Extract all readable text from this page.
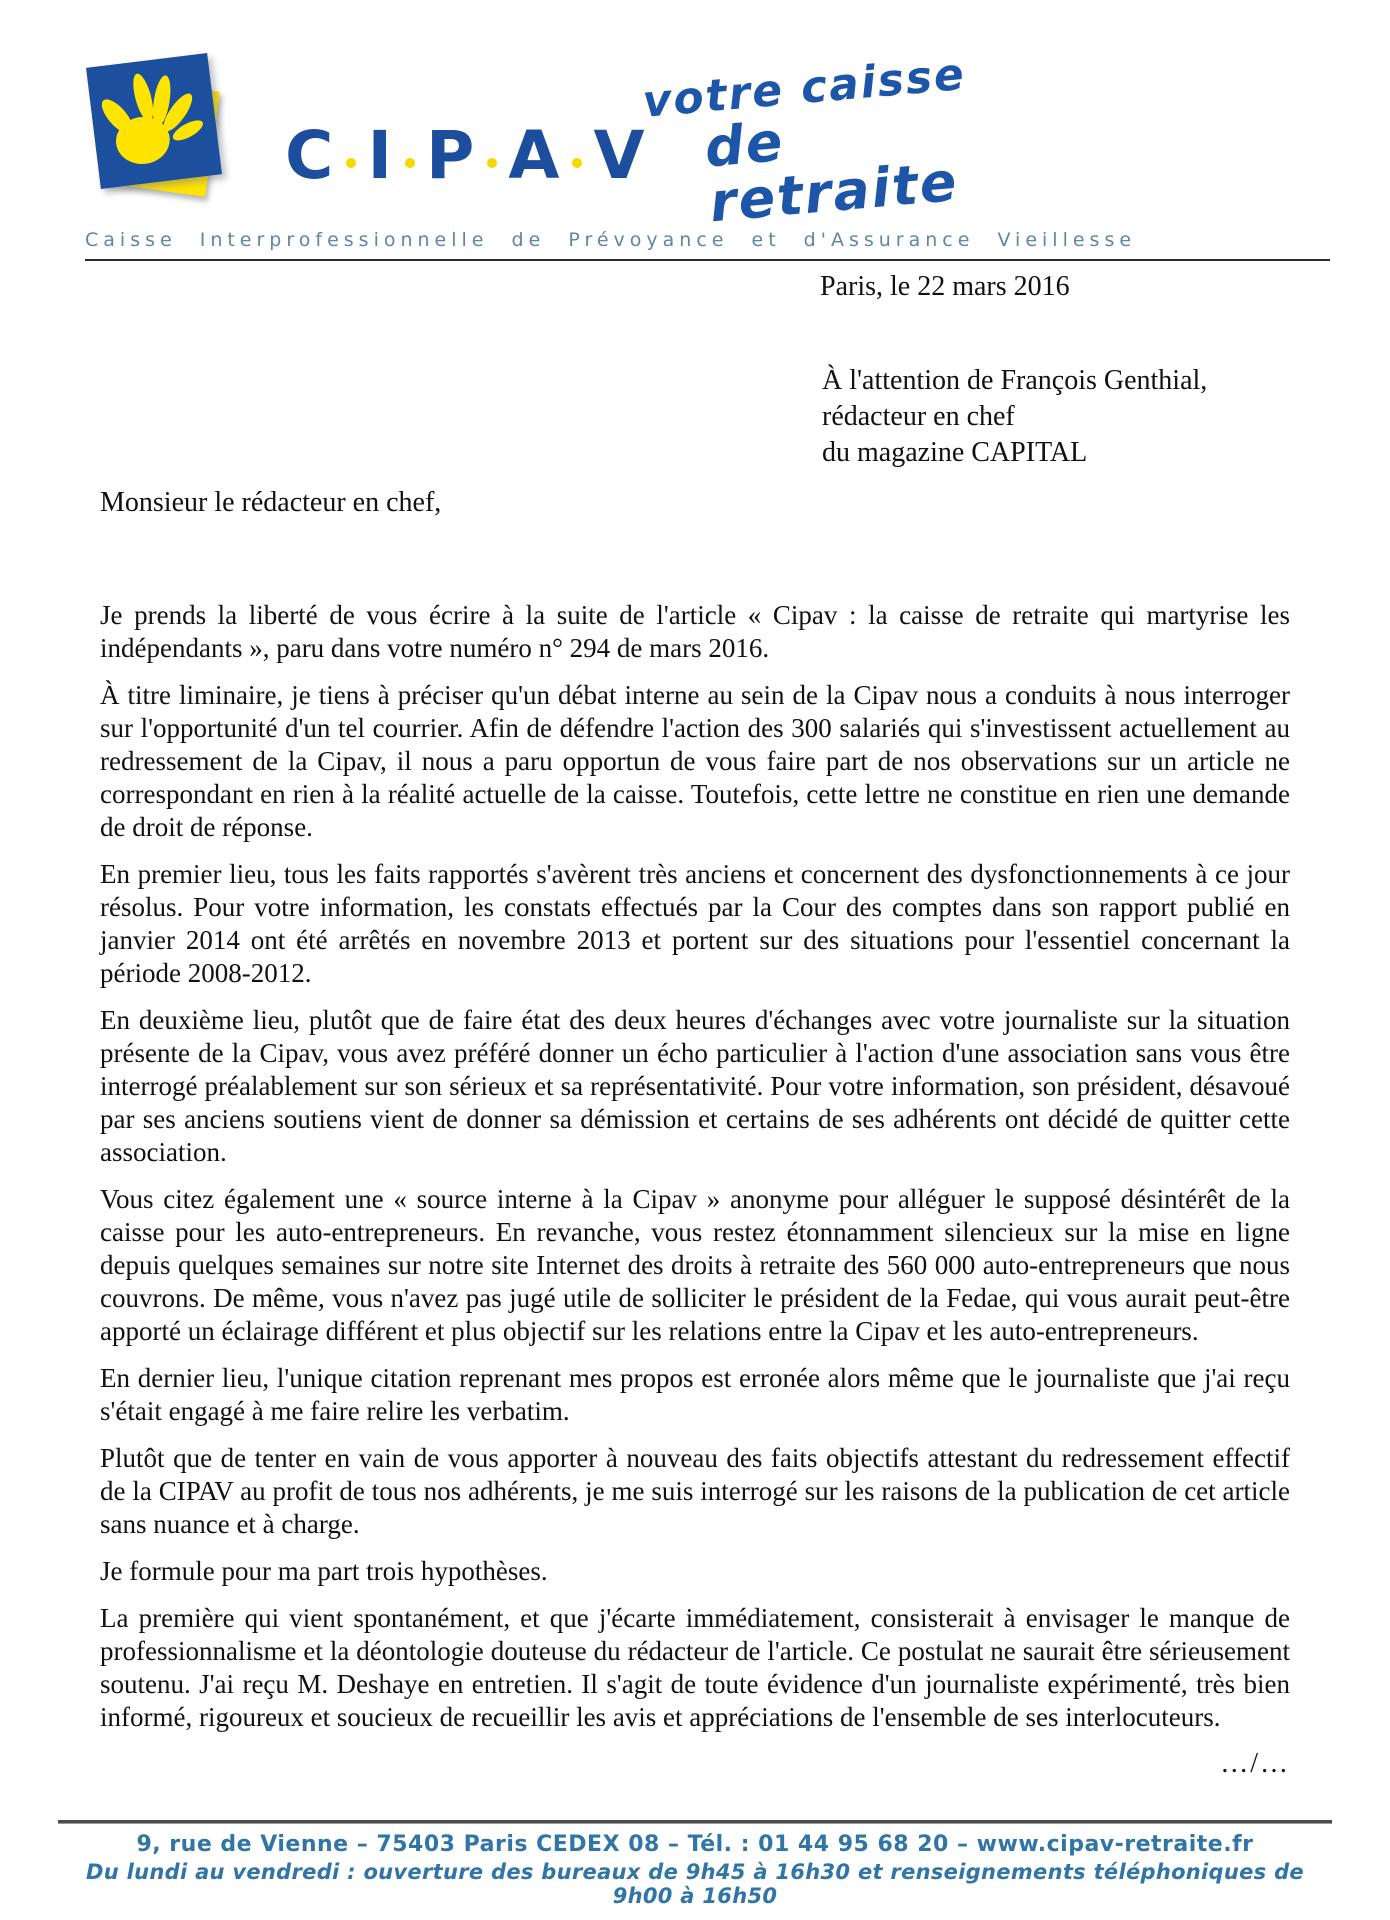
C I P A V
votre caisse
de retraite
Caisse Interprofessionnelle de Prévoyance et d'Assurance Vieillesse
Paris, le 22 mars 2016
À l'attention de François Genthial,
rédacteur en chef
du magazine CAPITAL
Monsieur le rédacteur en chef,

Je prends la liberté de vous écrire à la suite de l'article « Cipav : la caisse de retraite qui martyrise les indépendants », paru dans votre numéro n° 294 de mars 2016.

À titre liminaire, je tiens à préciser qu'un débat interne au sein de la Cipav nous a conduits à nous interroger sur l'opportunité d'un tel courrier. Afin de défendre l'action des 300 salariés qui s'investissent actuellement au redressement de la Cipav, il nous a paru opportun de vous faire part de nos observations sur un article ne correspondant en rien à la réalité actuelle de la caisse. Toutefois, cette lettre ne constitue en rien une demande de droit de réponse.

En premier lieu, tous les faits rapportés s'avèrent très anciens et concernent des dysfonctionnements à ce jour résolus. Pour votre information, les constats effectués par la Cour des comptes dans son rapport publié en janvier 2014 ont été arrêtés en novembre 2013 et portent sur des situations pour l'essentiel concernant la période 2008-2012.

En deuxième lieu, plutôt que de faire état des deux heures d'échanges avec votre journaliste sur la situation présente de la Cipav, vous avez préféré donner un écho particulier à l'action d'une association sans vous être interrogé préalablement sur son sérieux et sa représentativité. Pour votre information, son président, désavoué par ses anciens soutiens vient de donner sa démission et certains de ses adhérents ont décidé de quitter cette association.

Vous citez également une « source interne à la Cipav » anonyme pour alléguer le supposé désintérêt de la caisse pour les auto-entrepreneurs. En revanche, vous restez étonnamment silencieux sur la mise en ligne depuis quelques semaines sur notre site Internet des droits à retraite des 560 000 auto-entrepreneurs que nous couvrons. De même, vous n'avez pas jugé utile de solliciter le président de la Fedae, qui vous aurait peut-être apporté un éclairage différent et plus objectif sur les relations entre la Cipav et les auto-entrepreneurs.

En dernier lieu, l'unique citation reprenant mes propos est erronée alors même que le journaliste que j'ai reçu s'était engagé à me faire relire les verbatim.

Plutôt que de tenter en vain de vous apporter à nouveau des faits objectifs attestant du redressement effectif de la CIPAV au profit de tous nos adhérents, je me suis interrogé sur les raisons de la publication de cet article sans nuance et à charge.

Je formule pour ma part trois hypothèses.

La première qui vient spontanément, et que j'écarte immédiatement, consisterait à envisager le manque de professionnalisme et la déontologie douteuse du rédacteur de l'article. Ce postulat ne saurait être sérieusement soutenu. J'ai reçu M. Deshaye en entretien. Il s'agit de toute évidence d'un journaliste expérimenté, très bien informé, rigoureux et soucieux de recueillir les avis et appréciations de l'ensemble de ses interlocuteurs.

…/…
9, rue de Vienne – 75403 Paris CEDEX 08 – Tél. : 01 44 95 68 20 – www.cipav-retraite.fr
Du lundi au vendredi : ouverture des bureaux de 9h45 à 16h30 et renseignements téléphoniques de 9h00 à 16h50
